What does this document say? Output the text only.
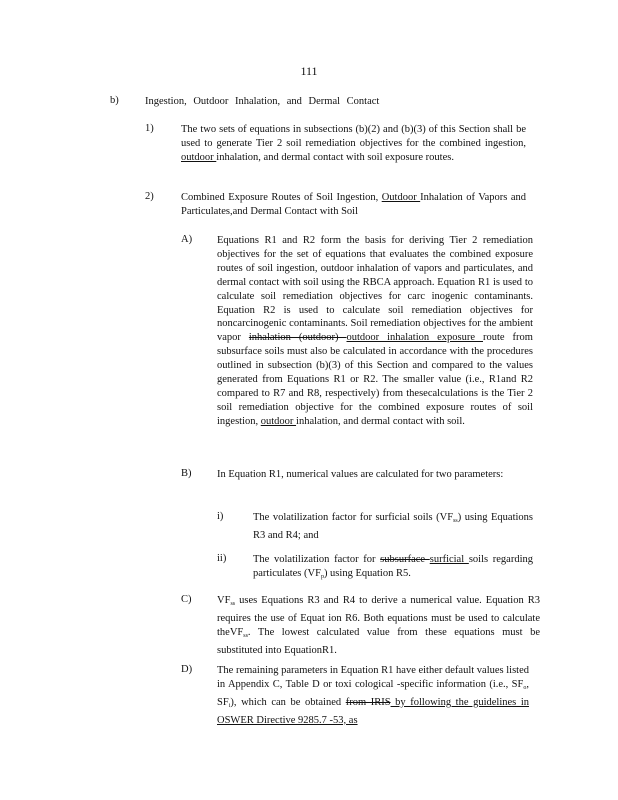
111
b)	Ingestion, Outdoor Inhalation, and Dermal Contact
1)	The two sets of equations in subsections (b)(2) and (b)(3) of this Section shall be used to generate Tier 2 soil remediation objectives for the combined ingestion, outdoor inhalation, and dermal contact with soil exposure routes.
2)	Combined Exposure Routes of Soil Ingestion, Outdoor Inhalation of Vapors and Particulates,and Dermal Contact with Soil
A) Equations R1 and R2 form the basis for deriving Tier 2 remediation objectives for the set of equations that evaluates the combined exposure routes of soil ingestion, outdoor inhalation of vapors and particulates, and dermal contact with soil using the RBCA approach. Equation R1 is used to calculate soil remediation objectives for carc inogenic contaminants. Equation R2 is used to calculate soil remediation objectives for noncarcinogenic contaminants. Soil remediation objectives for the ambient vapor inhalation (outdoor) outdoor inhalation exposure route from subsurface soils must also be calculated in accordance with the procedures outlined in subsection (b)(3) of this Section and compared to the values generated from Equations R1 or R2. The smaller value (i.e., R1and R2 compared to R7 and R8, respectively) from thesecalculations is the Tier 2 soil remediation objective for the combined exposure routes of soil ingestion, outdoor inhalation, and dermal contact with soil.
B) In Equation R1, numerical values are calculated for two parameters:
i)	The volatilization factor for surficial soils $(VF_{ss})$ using Equations R3 and R4; and
ii)	The volatilization factor for subsurface surficial soils regarding particulates $(VF_p)$ using Equation R5.
C) $VF_{ss}$ uses Equations R3 and R4 to derive a numerical value. Equation R3 requires the use of Equat ion R6. Both equations must be used to calculate theVF$_{ss}$. The lowest calculated value from these equations must be substituted into EquationR1.
D) The remaining parameters in Equation R1 have either default values listed in Appendix C, Table D or toxi cological -specific information (i.e., $SF_o$, $SF_i$), which can be obtained from IRIS by following the guidelines in OSWER Directive 9285.7 -53, as
